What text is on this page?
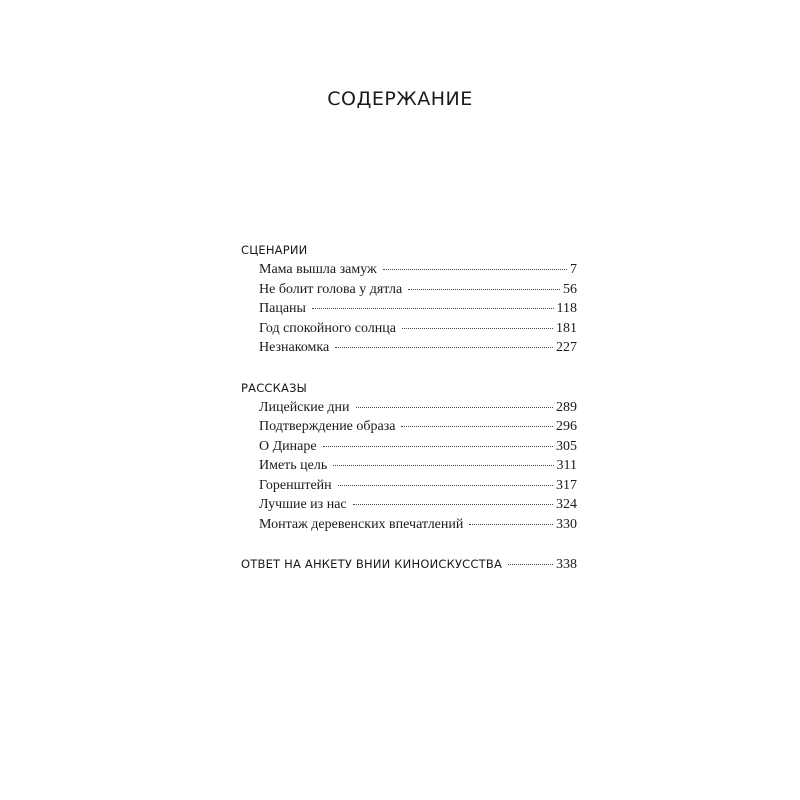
СОДЕРЖАНИЕ
СЦЕНАРИИ
Мама вышла замуж	7
Не болит голова у дятла	56
Пацаны	118
Год спокойного солнца	181
Незнакомка	227
РАССКАЗЫ
Лицейские дни	289
Подтверждение образа	296
О Динаре	305
Иметь цель	311
Горенштейн	317
Лучшие из нас	324
Монтаж деревенских впечатлений	330
ОТВЕТ НА АНКЕТУ ВНИИ КИНОИСКУССТВА	338
